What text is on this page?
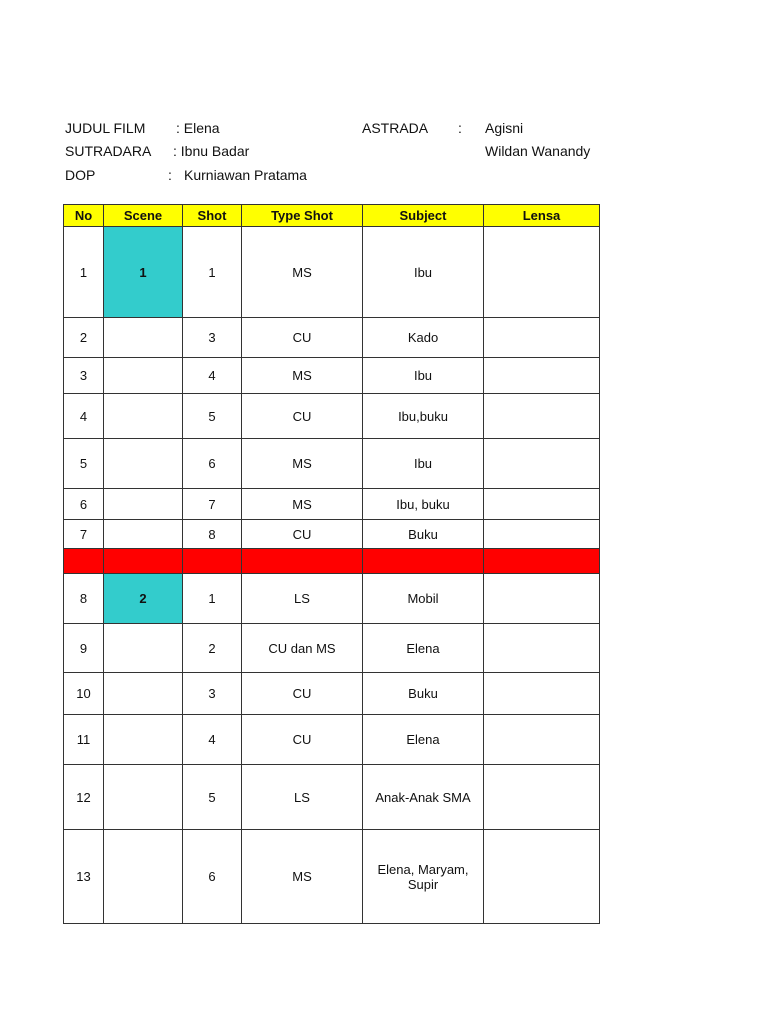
JUDUL FILM : Elena
SUTRADARA : Ibnu Badar
DOP	: Kurniawan Pratama
ASTRADA : Agisni
Wildan Wanandy
No	Scene	Shot	Type Shot	Subject	Lensa
1	1	1	MS	Ibu	
2		3	CU	Kado	
3		4	MS	Ibu	
4		5	CU	Ibu,buku	
5		6	MS	Ibu	
6		7	MS	Ibu, buku	
7		8	CU	Buku	

8	2	1	LS	Mobil	
9		2	CU dan MS	Elena	
10		3	CU	Buku	
11		4	CU	Elena	
12		5	LS	Anak-Anak SMA	
13		6	MS	Elena, Maryam, Supir	
